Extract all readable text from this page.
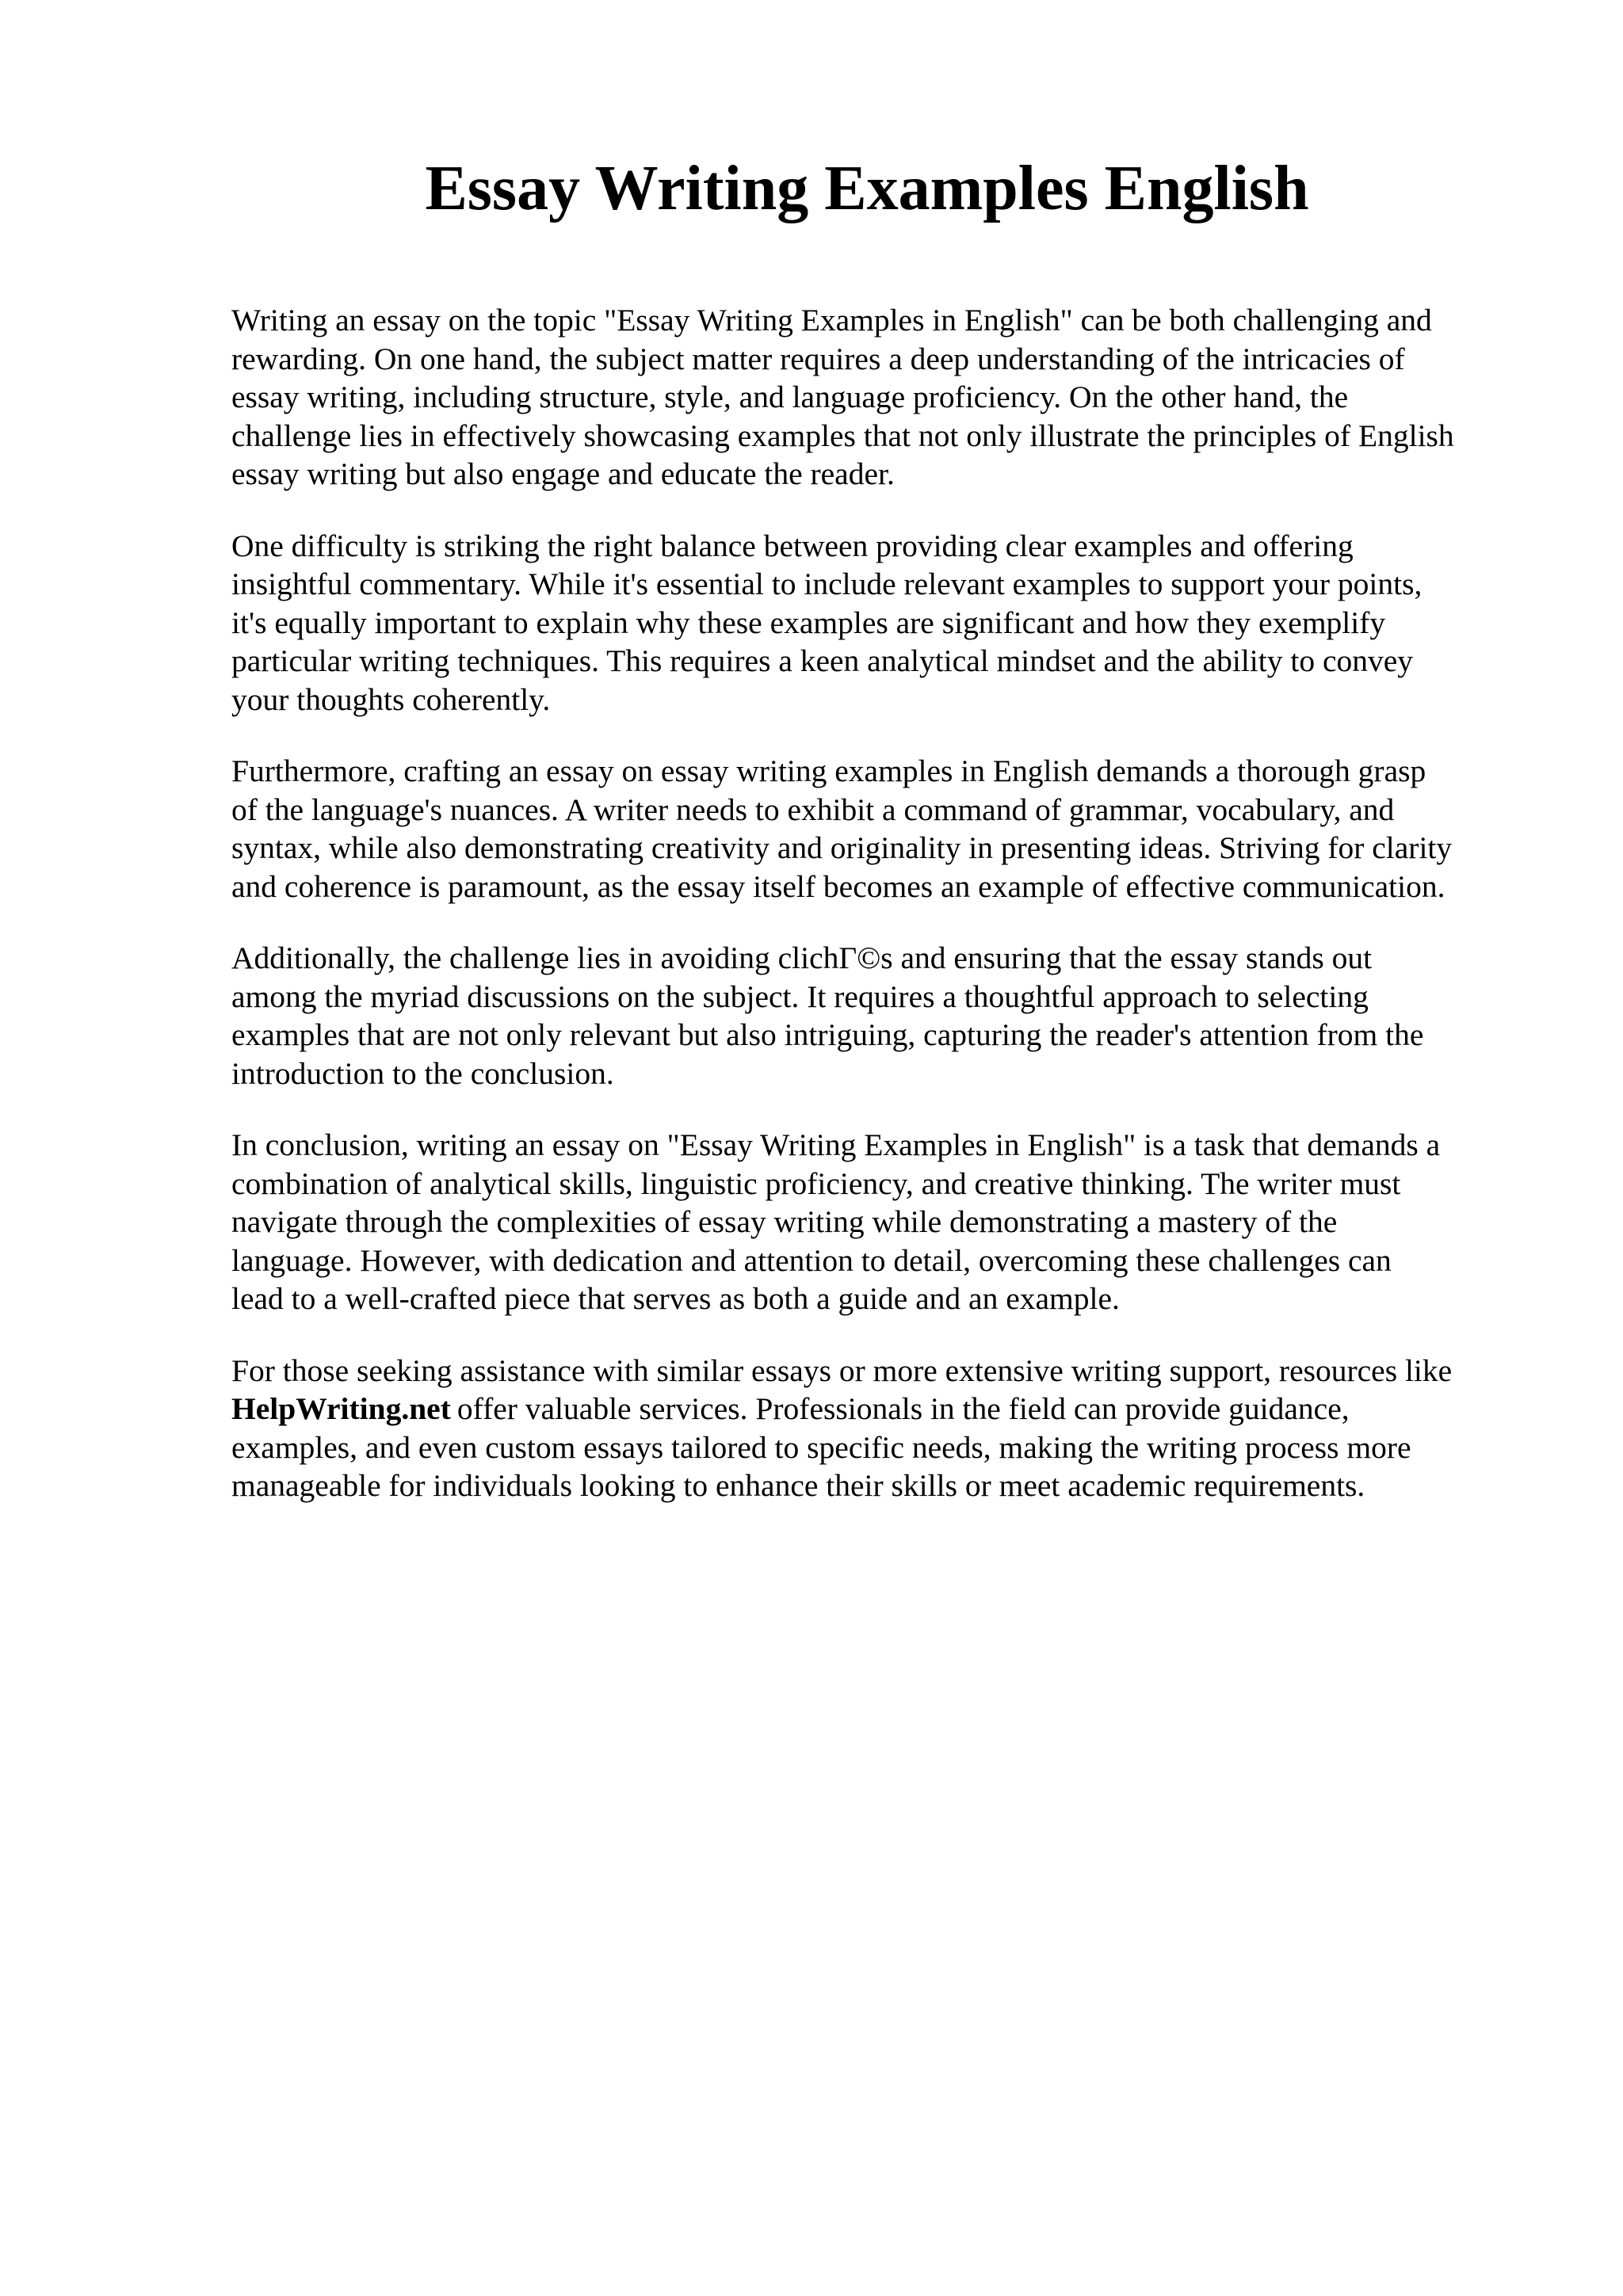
Essay Writing Examples English

Writing an essay on the topic "Essay Writing Examples in English" can be both challenging and
rewarding. On one hand, the subject matter requires a deep understanding of the intricacies of
essay writing, including structure, style, and language proficiency. On the other hand, the
challenge lies in effectively showcasing examples that not only illustrate the principles of English
essay writing but also engage and educate the reader.

One difficulty is striking the right balance between providing clear examples and offering
insightful commentary. While it's essential to include relevant examples to support your points,
it's equally important to explain why these examples are significant and how they exemplify
particular writing techniques. This requires a keen analytical mindset and the ability to convey
your thoughts coherently.

Furthermore, crafting an essay on essay writing examples in English demands a thorough grasp
of the language's nuances. A writer needs to exhibit a command of grammar, vocabulary, and
syntax, while also demonstrating creativity and originality in presenting ideas. Striving for clarity
and coherence is paramount, as the essay itself becomes an example of effective communication.

Additionally, the challenge lies in avoiding clichΓ©s and ensuring that the essay stands out
among the myriad discussions on the subject. It requires a thoughtful approach to selecting
examples that are not only relevant but also intriguing, capturing the reader's attention from the
introduction to the conclusion.

In conclusion, writing an essay on "Essay Writing Examples in English" is a task that demands a
combination of analytical skills, linguistic proficiency, and creative thinking. The writer must
navigate through the complexities of essay writing while demonstrating a mastery of the
language. However, with dedication and attention to detail, overcoming these challenges can
lead to a well-crafted piece that serves as both a guide and an example.

For those seeking assistance with similar essays or more extensive writing support, resources like
HelpWriting.net offer valuable services. Professionals in the field can provide guidance,
examples, and even custom essays tailored to specific needs, making the writing process more
manageable for individuals looking to enhance their skills or meet academic requirements.
